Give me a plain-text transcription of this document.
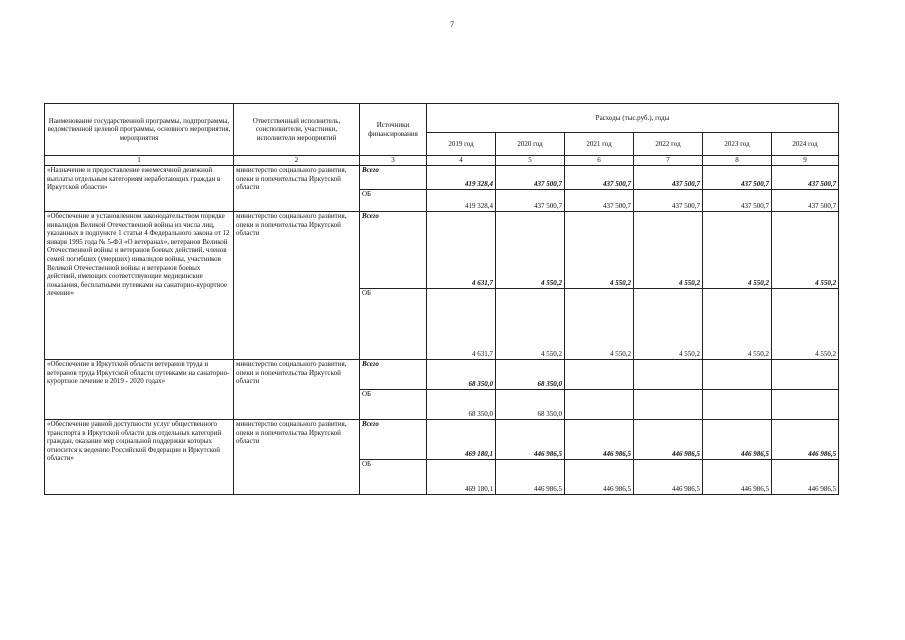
7
Наименование государственной программы, подпрограммы, ведомственной целевой программы, основного мероприятия, мероприятия	Ответственный исполнитель, соисполнители, участники, исполнители мероприятий	Источники финансирования	Расходы (тыс.руб.), годы					
			2019 год	2020 год	2021 год	2022 год	2023 год	2024 год
1	2	3	4	5	6	7	8	9
«Назначение и предоставление ежемесячной денежной выплаты отдельным категориям неработающих граждан в Иркутской области»	министерство социального развития, опеки и попечительства Иркутской области	Всего	419 328,4	437 500,7	437 500,7	437 500,7	437 500,7	437 500,7
		ОБ	419 328,4	437 500,7	437 500,7	437 500,7	437 500,7	437 500,7
«Обеспечение в установленном законодательством порядке инвалидов Великой Отечественной войны из числа лиц, указанных в подпункте 1 статьи 4 Федерального закона от 12 января 1995 года № 5-ФЗ «О ветеранах», ветеранов Великой Отечественной войны и ветеранов боевых действий, членов семей погибших (умерших) инвалидов войны, участников Великой Отечественной войны и ветеранов боевых действий, имеющих соответствующие медицинские показания, бесплатными путевками на санаторно-курортное лечение»	министерство социального развития, опеки и попечительства Иркутской области	Всего	4 631,7	4 550,2	4 550,2	4 550,2	4 550,2	4 550,2
		ОБ	4 631,7	4 550,2	4 550,2	4 550,2	4 550,2	4 550,2
«Обеспечение в Иркутской области ветеранов труда и ветеранов труда Иркутской области путевками на санаторно-курортное лечение в 2019 - 2020 годах»	министерство социального развития, опеки и попечительства Иркутской области	Всего	68 350,0	68 350,0				
		ОБ	68 350,0	68 350,0				
«Обеспечение равной доступности услуг общественного транспорта в Иркутской области для отдельных категорий граждан, оказание мер социальной поддержки которых относится к ведению Российской Федерации и Иркутской области»	министерство социального развития, опеки и попечительства Иркутской области	Всего	469 180,1	446 986,5	446 986,5	446 986,5	446 986,5	446 986,5
		ОБ	469 180,1	446 986,5	446 986,5	446 986,5	446 986,5	446 986,5
